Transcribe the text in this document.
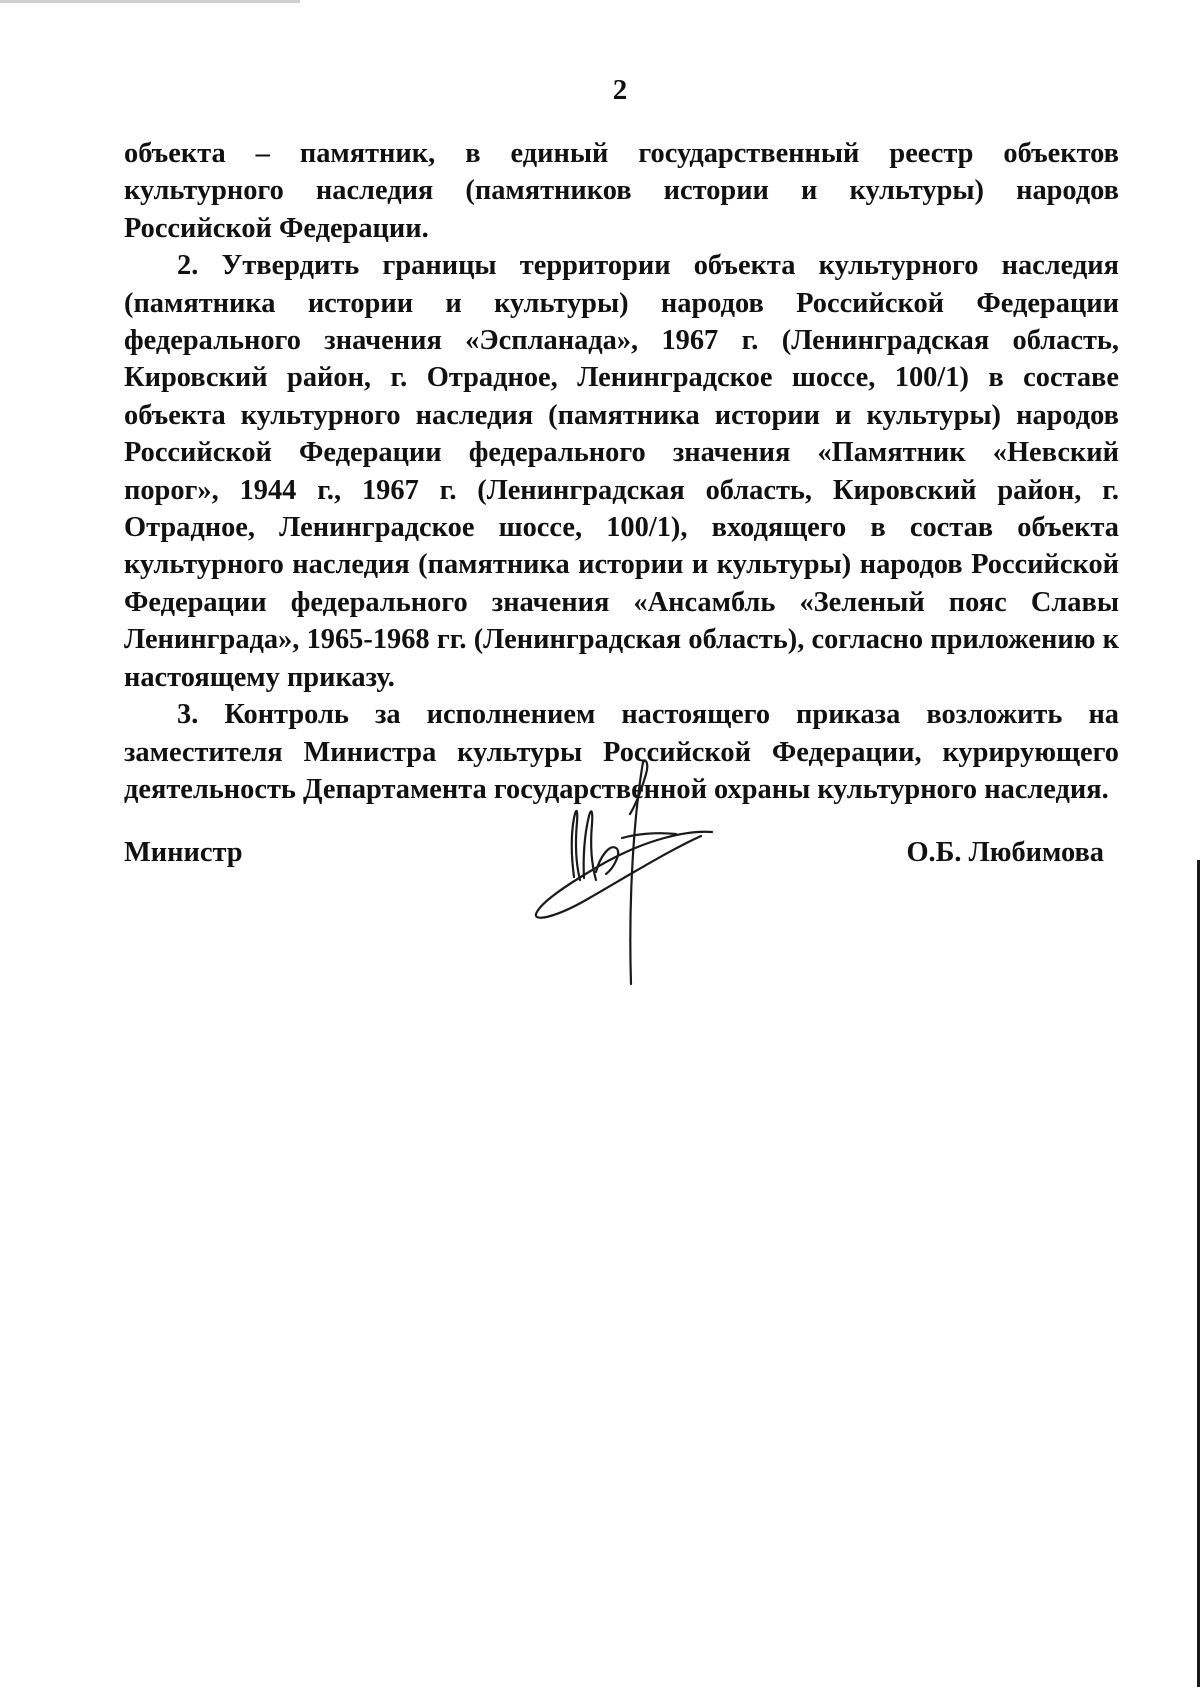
2

объекта – памятник, в единый государственный реестр объектов культурного наследия (памятников истории и культуры) народов Российской Федерации.

2. Утвердить границы территории объекта культурного наследия (памятника истории и культуры) народов Российской Федерации федерального значения «Эспланада», 1967 г. (Ленинградская область, Кировский район, г. Отрадное, Ленинградское шоссе, 100/1) в составе объекта культурного наследия (памятника истории и культуры) народов Российской Федерации федерального значения «Памятник «Невский порог», 1944 г., 1967 г. (Ленинградская область, Кировский район, г. Отрадное, Ленинградское шоссе, 100/1), входящего в состав объекта культурного наследия (памятника истории и культуры) народов Российской Федерации федерального значения «Ансамбль «Зеленый пояс Славы Ленинграда», 1965-1968 гг. (Ленинградская область), согласно приложению к настоящему приказу.

3. Контроль за исполнением настоящего приказа возложить на заместителя Министра культуры Российской Федерации, курирующего деятельность Департамента государственной охраны культурного наследия.

Министр	О.Б. Любимова
